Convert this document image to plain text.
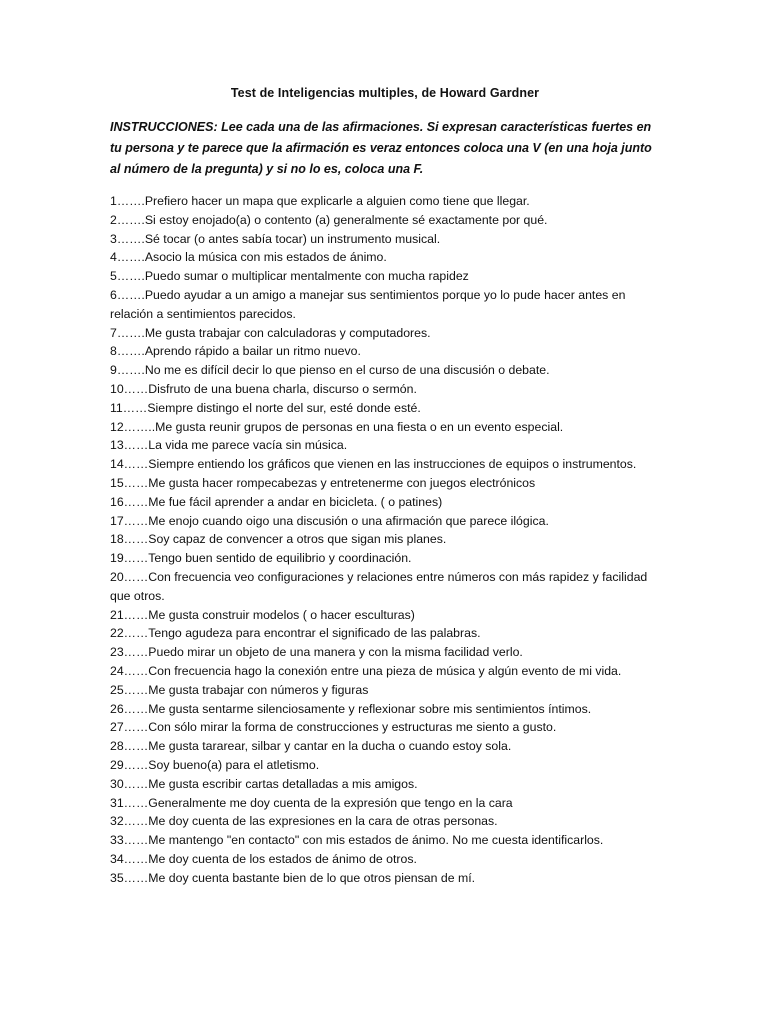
Test de Inteligencias multiples, de Howard Gardner
INSTRUCCIONES: Lee cada una de las afirmaciones. Si expresan características fuertes en tu persona y te parece que la afirmación es veraz entonces coloca una V (en una hoja junto al número de la pregunta) y si no lo es, coloca una F.
1…….Prefiero hacer un mapa que explicarle a alguien como tiene que llegar.
2…….Si estoy enojado(a) o contento (a) generalmente sé exactamente por qué.
3…….Sé tocar (o antes sabía tocar) un instrumento musical.
4…….Asocio la música con mis estados de ánimo.
5…….Puedo sumar o multiplicar mentalmente con mucha rapidez
6…….Puedo ayudar a un amigo a manejar sus sentimientos porque yo lo pude hacer antes en relación a sentimientos parecidos.
7…….Me gusta trabajar con calculadoras y computadores.
8…….Aprendo rápido a bailar un ritmo nuevo.
9…….No me es difícil decir lo que pienso en el curso de una discusión o debate.
10……Disfruto de una buena charla, discurso o sermón.
11……Siempre distingo el norte del sur, esté donde esté.
12……..Me gusta reunir grupos de personas en una fiesta o en un evento especial.
13……La vida me parece vacía sin música.
14……Siempre entiendo los gráficos que vienen en las instrucciones de equipos o instrumentos.
15……Me gusta hacer rompecabezas y entretenerme con juegos electrónicos
16……Me fue fácil aprender a andar en bicicleta. ( o patines)
17……Me enojo cuando oigo una discusión o una afirmación que parece ilógica.
18……Soy capaz de convencer a otros que sigan mis planes.
19……Tengo buen sentido de equilibrio y coordinación.
20……Con frecuencia veo configuraciones y relaciones entre números con más rapidez y facilidad que otros.
21……Me gusta construir modelos ( o hacer esculturas)
22……Tengo agudeza para encontrar el significado de las palabras.
23……Puedo mirar un objeto de una manera y con la misma facilidad verlo.
24……Con frecuencia hago la conexión entre una pieza de música y algún evento de mi vida.
25……Me gusta trabajar con números y figuras
26……Me gusta sentarme silenciosamente y reflexionar sobre mis sentimientos íntimos.
27……Con sólo mirar la forma de construcciones y estructuras me siento a gusto.
28……Me gusta tararear, silbar y cantar en la ducha o cuando estoy sola.
29……Soy bueno(a) para el atletismo.
30……Me gusta escribir cartas detalladas a mis amigos.
31……Generalmente me doy cuenta de la expresión que tengo en la cara
32……Me doy cuenta de las expresiones en la cara de otras personas.
33……Me mantengo "en contacto" con mis estados de ánimo. No me cuesta identificarlos.
34……Me doy cuenta de los estados de ánimo de otros.
35……Me doy cuenta bastante bien de lo que otros piensan de mí.
